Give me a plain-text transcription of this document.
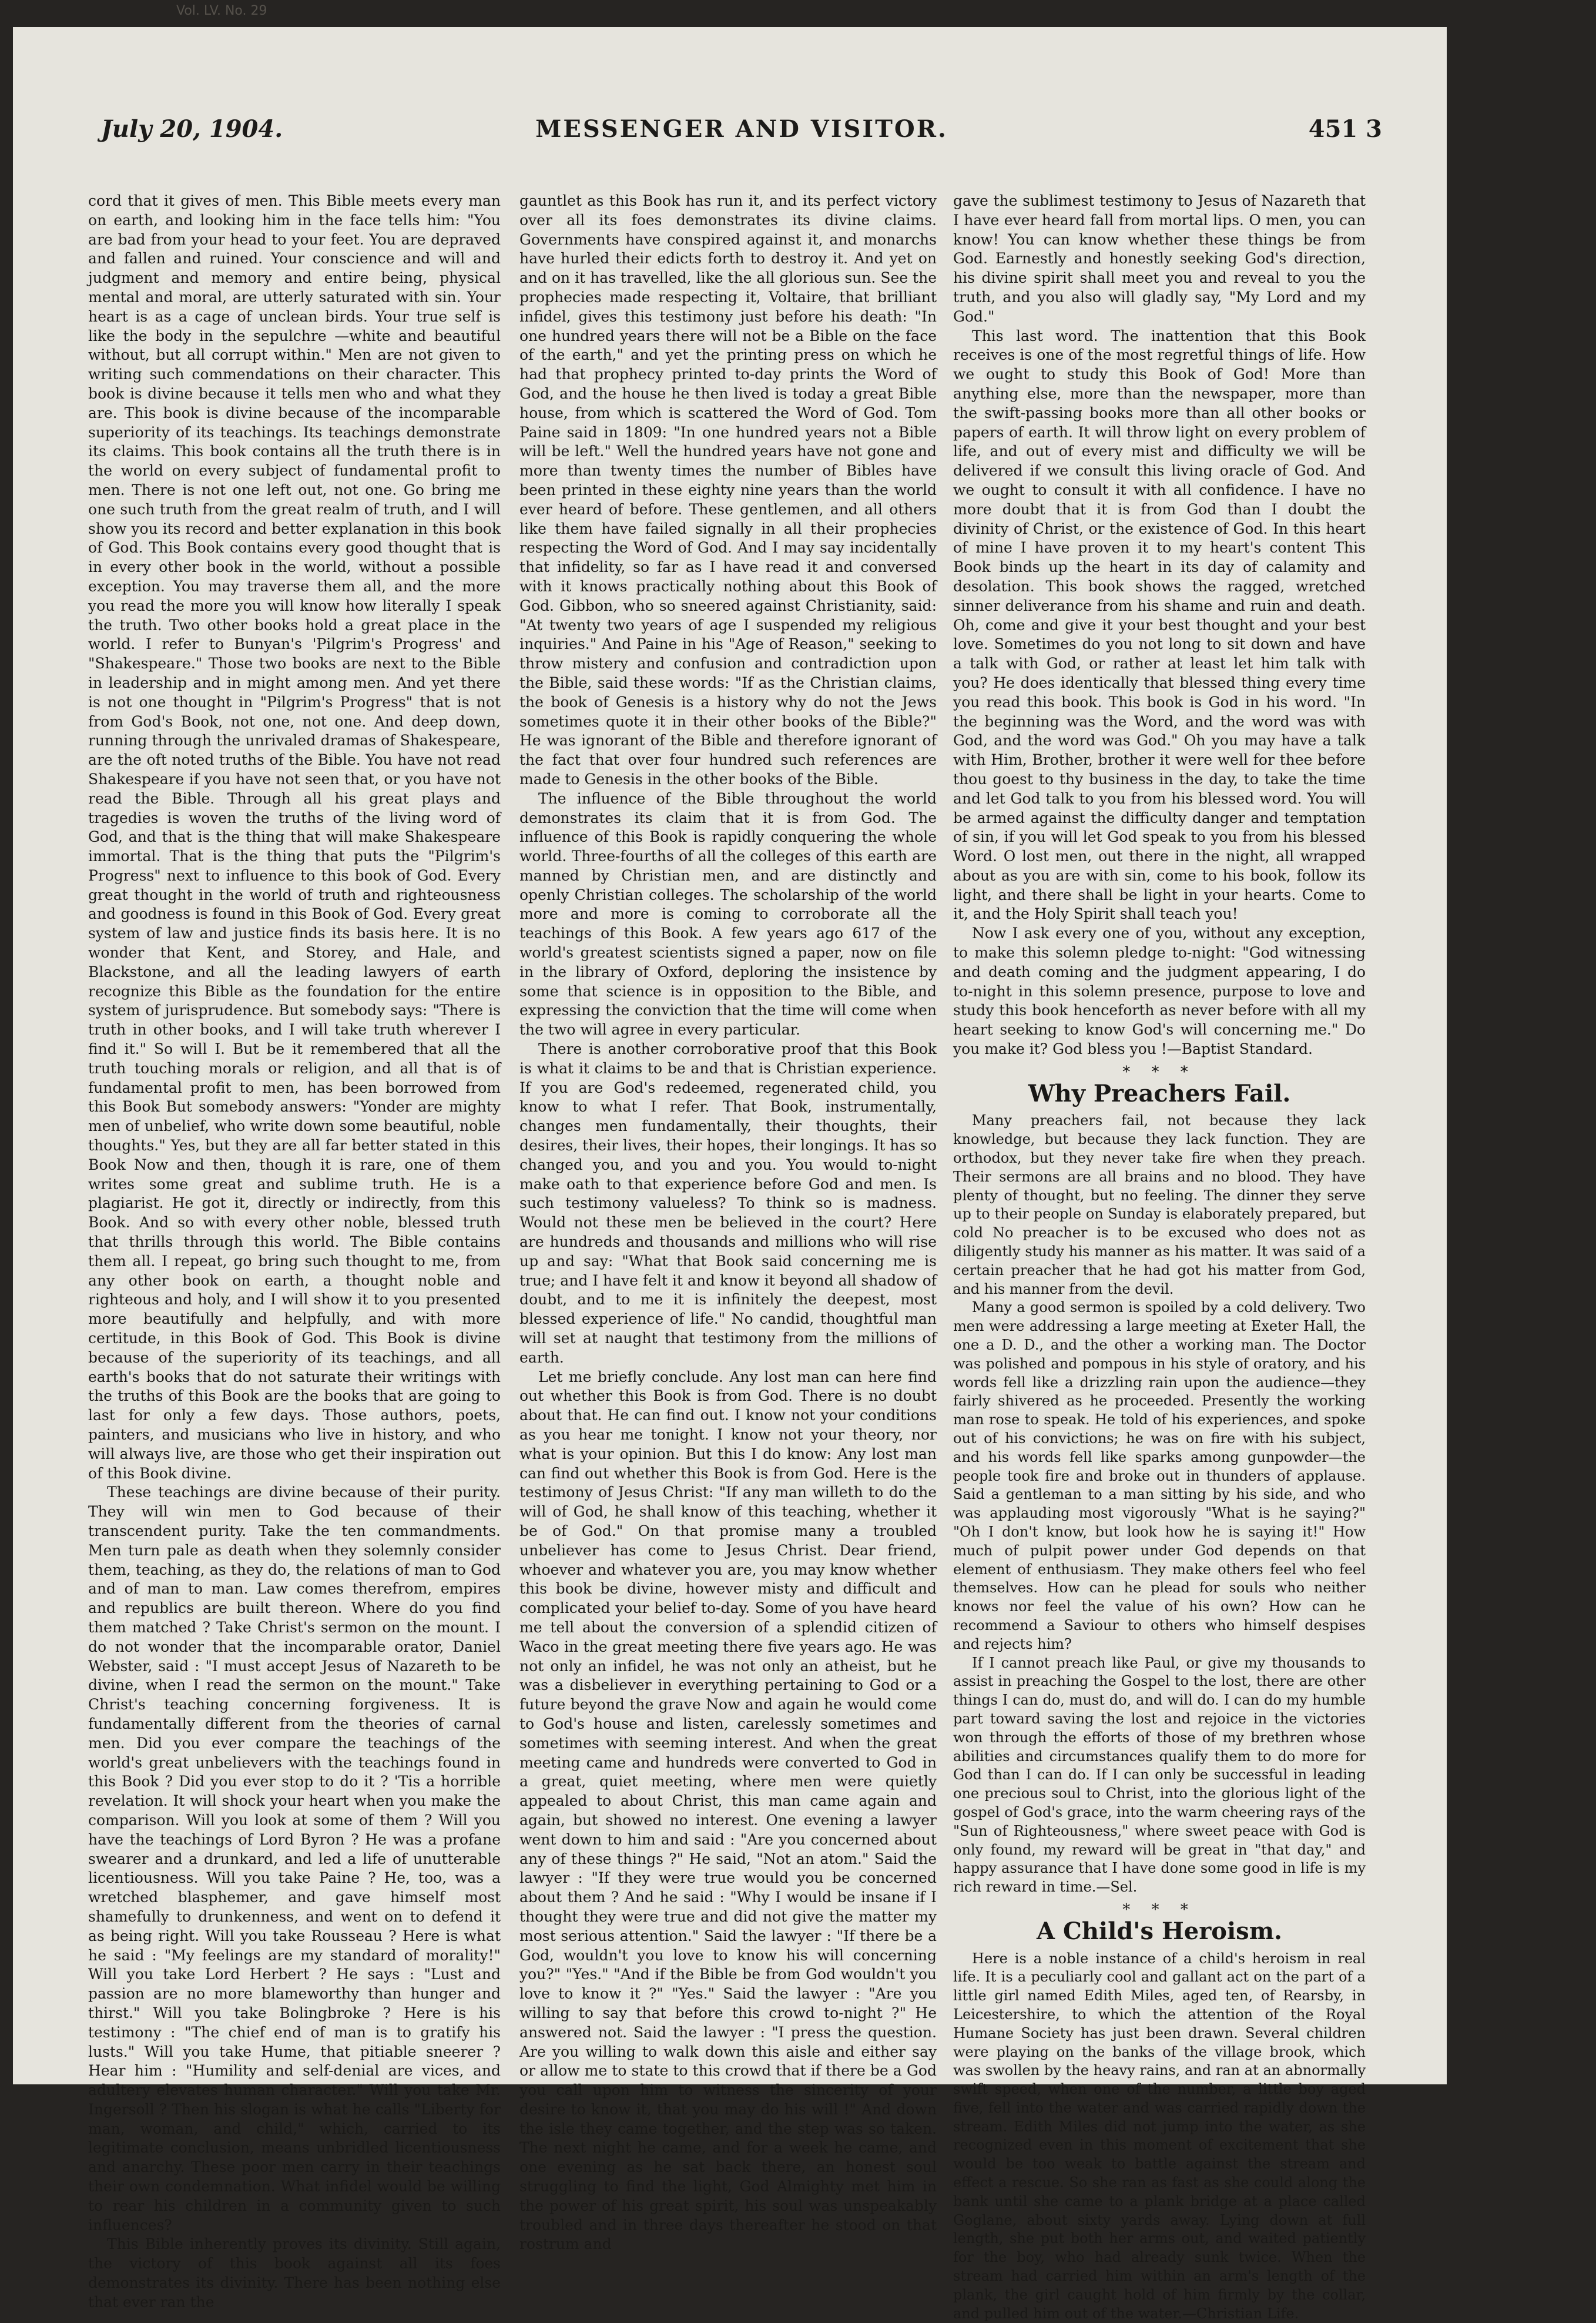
Vol. LV. No. 29
July 20, 1904.	MESSENGER AND VISITOR.	451 3

cord that it gives of men. This Bible meets every man on earth, and looking him in the face tells him: "You are bad from your head to your feet. You are depraved and fallen and ruined. Your conscience and will and judgment and memory and entire being, physical mental and moral, are utterly saturated with sin. Your heart is as a cage of unclean birds. Your true self is like the body in the sepulchre —white and beautiful without, but all corrupt within." Men are not given to writing such commendations on their character. This book is divine because it tells men who and what they are. This book is divine because of the incomparable superiority of its teachings. Its teachings demonstrate its claims. This book contains all the truth there is in the world on every subject of fundamental profit to men. There is not one left out, not one. Go bring me one such truth from the great realm of truth, and I will show you its record and better explanation in this book of God. This Book contains every good thought that is in every other book in the world, without a possible exception. You may traverse them all, and the more you read the more you will know how literally I speak the truth. Two other books hold a great place in the world. I refer to Bunyan's 'Pilgrim's Progress' and "Shakespeare." Those two books are next to the Bible in leadership and in might among men. And yet there is not one thought in "Pilgrim's Progress" that is not from God's Book, not one, not one. And deep down, running through the unrivaled dramas of Shakespeare, are the oft noted truths of the Bible. You have not read Shakespeare if you have not seen that, or you have not read the Bible. Through all his great plays and tragedies is woven the truths of the living word of God, and that is the thing that will make Shakespeare immortal. That is the thing that puts the "Pilgrim's Progress" next to influence to this book of God. Every great thought in the world of truth and righteousness and goodness is found in this Book of God. Every great system of law and justice finds its basis here. It is no wonder that Kent, and Storey, and Hale, and Blackstone, and all the leading lawyers of earth recognize this Bible as the foundation for the entire system of jurisprudence. But somebody says: "There is truth in other books, and I will take truth wherever I find it." So will I. But be it remembered that all the truth touching morals or religion, and all that is of fundamental profit to men, has been borrowed from this Book But somebody answers: "Yonder are mighty men of unbelief, who write down some beautiful, noble thoughts." Yes, but they are all far better stated in this Book Now and then, though it is rare, one of them writes some great and sublime truth. He is a plagiarist. He got it, directly or indirectly, from this Book. And so with every other noble, blessed truth that thrills through this world. The Bible contains them all. I repeat, go bring such thought to me, from any other book on earth, a thought noble and righteous and holy, and I will show it to you presented more beautifully and helpfully, and with more certitude, in this Book of God. This Book is divine because of the superiority of its teachings, and all earth's books that do not saturate their writings with the truths of this Book are the books that are going to last for only a few days. Those authors, poets, painters, and musicians who live in history, and who will always live, are those who get their inspiration out of this Book divine.

These teachings are divine because of their purity. They will win men to God because of their transcendent purity. Take the ten commandments. Men turn pale as death when they solemnly consider them, teaching, as they do, the relations of man to God and of man to man. Law comes therefrom, empires and republics are built thereon. Where do you find them matched ? Take Christ's sermon on the mount. I do not wonder that the incomparable orator, Daniel Webster, said : "I must accept Jesus of Nazareth to be divine, when I read the sermon on the mount." Take Christ's teaching concerning forgiveness. It is fundamentally different from the theories of carnal men. Did you ever compare the teachings of the world's great unbelievers with the teachings found in this Book ? Did you ever stop to do it ? 'Tis a horrible revelation. It will shock your heart when you make the comparison. Will you look at some of them ? Will you have the teachings of Lord Byron ? He was a profane swearer and a drunkard, and led a life of unutterable licentiousness. Will you take Paine ? He, too, was a wretched blasphemer, and gave himself most shamefully to drunkenness, and went on to defend it as being right. Will you take Rousseau ? Here is what he said : "My feelings are my standard of morality!" Will you take Lord Herbert ? He says : "Lust and passion are no more blameworthy than hunger and thirst." Will you take Bolingbroke ? Here is his testimony : "The chief end of man is to gratify his lusts." Will you take Hume, that pitiable sneerer ? Hear him : "Humility and self-denial are vices, and adultery elevates human character." Will you take Mr. Ingersoll ? Then his slogan is what he calls "Liberty for man, woman, and child," which, carried to its legitimate conclusion, means unbridled licentiousness and anarchy. These poor men carry in their teachings their own condemnation. What infidel would be willing to rear his children in a community given to such influences?

This Bible inherently proves its divinity. Still again, the victory of this book against all its foes demonstrates its divinity. There has been nothing else that ever ran the

gauntlet as this Book has run it, and its perfect victory over all its foes demonstrates its divine claims. Governments have conspired against it, and monarchs have hurled their edicts forth to destroy it. And yet on and on it has travelled, like the all glorious sun. See the prophecies made respecting it, Voltaire, that brilliant infidel, gives this testimony just before his death: "In one hundred years there will not be a Bible on the face of the earth," and yet the printing press on which he had that prophecy printed to-day prints the Word of God, and the house he then lived is today a great Bible house, from which is scattered the Word of God. Tom Paine said in 1809: "In one hundred years not a Bible will be left." Well the hundred years have not gone and more than twenty times the number of Bibles have been printed in these eighty nine years than the world ever heard of before. These gentlemen, and all others like them have failed signally in all their prophecies respecting the Word of God. And I may say incidentally that infidelity, so far as I have read it and conversed with it knows practically nothing about this Book of God. Gibbon, who so sneered against Christianity, said: "At twenty two years of age I suspended my religious inquiries." And Paine in his "Age of Reason," seeking to throw mistery and confusion and contradiction upon the Bible, said these words: "If as the Christian claims, the book of Genesis is a history why do not the Jews sometimes quote it in their other books of the Bible?" He was ignorant of the Bible and therefore ignorant of the fact that over four hundred such references are made to Genesis in the other books of the Bible.

The influence of the Bible throughout the world demonstrates its claim that it is from God. The influence of this Book is rapidly conquering the whole world. Three-fourths of all the colleges of this earth are manned by Christian men, and are distinctly and openly Christian colleges. The scholarship of the world more and more is coming to corroborate all the teachings of this Book. A few years ago 617 of the world's greatest scientists signed a paper, now on file in the library of Oxford, deploring the insistence by some that science is in opposition to the Bible, and expressing the conviction that the time will come when the two will agree in every particular.

There is another corroborative proof that this Book is what it claims to be and that is Christian experience. If you are God's redeemed, regenerated child, you know to what I refer. That Book, instrumentally, changes men fundamentally, their thoughts, their desires, their lives, their hopes, their longings. It has so changed you, and you and you. You would to-night make oath to that experience before God and men. Is such testimony valueless? To think so is madness. Would not these men be believed in the court? Here are hundreds and thousands and millions who will rise up and say: "What that Book said concerning me is true; and I have felt it and know it beyond all shadow of doubt, and to me it is infinitely the deepest, most blessed experience of life." No candid, thoughtful man will set at naught that testimony from the millions of earth.

Let me briefly conclude. Any lost man can here find out whether this Book is from God. There is no doubt about that. He can find out. I know not your conditions as you hear me tonight. I know not your theory, nor what is your opinion. But this I do know: Any lost man can find out whether this Book is from God. Here is the testimony of Jesus Christ: "If any man willeth to do the will of God, he shall know of this teaching, whether it be of God." On that promise many a troubled unbeliever has come to Jesus Christ. Dear friend, whoever and whatever you are, you may know whether this book be divine, however misty and difficult and complicated your belief to-day. Some of you have heard me tell about the conversion of a splendid citizen of Waco in the great meeting there five years ago. He was not only an infidel, he was not only an atheist, but he was a disbeliever in everything pertaining to God or a future beyond the grave Now and again he would come to God's house and listen, carelessly sometimes and sometimes with seeming interest. And when the great meeting came and hundreds were converted to God in a great, quiet meeting, where men were quietly appealed to about Christ, this man came again and again, but showed no interest. One evening a lawyer went down to him and said : "Are you concerned about any of these things ?" He said, "Not an atom." Said the lawyer : "If they were true would you be concerned about them ? And he said : "Why I would be insane if I thought they were true and did not give the matter my most serious attention." Said the lawyer : "If there be a God, wouldn't you love to know his will concerning you?" "Yes." "And if the Bible be from God wouldn't you love to know it ?" "Yes." Said the lawyer : "Are you willing to say that before this crowd to-night ?" He answered not. Said the lawyer : "I press the question. Are you willing to walk down this aisle and either say or allow me to state to this crowd that if there be a God you call upon him to witness the sincerity of your desire to know it, that you may do his will !" And down the isle they came together, and the step was so taken. The next night he came, and for a week he came, and one evening as he sat back there, an honest soul struggling to find the light, God Almighty met him in the power of his great spirit, his soul was unspeakably troubled and in three days thereafter he stood on that rostrum and

gave the sublimest testimony to Jesus of Nazareth that I have ever heard fall from mortal lips. O men, you can know! You can know whether these things be from God. Earnestly and honestly seeking God's direction, his divine spirit shall meet you and reveal to you the truth, and you also will gladly say, "My Lord and my God."

This last word. The inattention that this Book receives is one of the most regretful things of life. How we ought to study this Book of God! More than anything else, more than the newspaper, more than the swift-passing books more than all other books or papers of earth. It will throw light on every problem of life, and out of every mist and difficulty we will be delivered if we consult this living oracle of God. And we ought to consult it with all confidence. I have no more doubt that it is from God than I doubt the divinity of Christ, or the existence of God. In this heart of mine I have proven it to my heart's content This Book binds up the heart in its day of calamity and desolation. This book shows the ragged, wretched sinner deliverance from his shame and ruin and death. Oh, come and give it your best thought and your best love. Sometimes do you not long to sit down and have a talk with God, or rather at least let him talk with you? He does identically that blessed thing every time you read this book. This book is God in his word. "In the beginning was the Word, and the word was with God, and the word was God." Oh you may have a talk with Him, Brother, brother it were well for thee before thou goest to thy business in the day, to take the time and let God talk to you from his blessed word. You will be armed against the difficulty danger and temptation of sin, if you will let God speak to you from his blessed Word. O lost men, out there in the night, all wrapped about as you are with sin, come to his book, follow its light, and there shall be light in your hearts. Come to it, and the Holy Spirit shall teach you!

Now I ask every one of you, without any exception, to make this solemn pledge to-night: "God witnessing and death coming and the judgment appearing, I do to-night in this solemn presence, purpose to love and study this book henceforth as never before with all my heart seeking to know God's will concerning me." Do you make it? God bless you !—Baptist Standard.

* * *
Why Preachers Fail.

Many preachers fail, not because they lack knowledge, but because they lack function. They are orthodox, but they never take fire when they preach. Their sermons are all brains and no blood. They have plenty of thought, but no feeling. The dinner they serve up to their people on Sunday is elaborately prepared, but cold No preacher is to be excused who does not as diligently study his manner as his matter. It was said of a certain preacher that he had got his matter from God, and his manner from the devil.

Many a good sermon is spoiled by a cold delivery. Two men were addressing a large meeting at Exeter Hall, the one a D. D., and the other a working man. The Doctor was polished and pompous in his style of oratory, and his words fell like a drizzling rain upon the audience—they fairly shivered as he proceeded. Presently the working man rose to speak. He told of his experiences, and spoke out of his convictions; he was on fire with his subject, and his words fell like sparks among gunpowder—the people took fire and broke out in thunders of applause. Said a gentleman to a man sitting by his side, and who was applauding most vigorously "What is he saying?" "Oh I don't know, but look how he is saying it!" How much of pulpit power under God depends on that element of enthusiasm. They make others feel who feel themselves. How can he plead for souls who neither knows nor feel the value of his own? How can he recommend a Saviour to others who himself despises and rejects him?

If I cannot preach like Paul, or give my thousands to assist in preaching the Gospel to the lost, there are other things I can do, must do, and will do. I can do my humble part toward saving the lost and rejoice in the victories won through the efforts of those of my brethren whose abilities and circumstances qualify them to do more for God than I can do. If I can only be successful in leading one precious soul to Christ, into the glorious light of the gospel of God's grace, into the warm cheering rays of the "Sun of Righteousness," where sweet peace with God is only found, my reward will be great in "that day," and happy assurance that I have done some good in life is my rich reward in time.—Sel.

* * *
A Child's Heroism.

Here is a noble instance of a child's heroism in real life. It is a peculiarly cool and gallant act on the part of a little girl named Edith Miles, aged ten, of Rearsby, in Leicestershire, to which the attention of the Royal Humane Society has just been drawn. Several children were playing on the banks of the village brook, which was swollen by the heavy rains, and ran at an abnormally swift speed, when one of the number, a little boy aged five, fell into the water and was carried rapidly down the stream. Edith Miles did not jump into the water, as she recognized even in this moment of excitement that she would be too weak to battle against the stream and effect a rescue. So she ran as fast as she could along the bank until she came to a plank bridge at a place called Goglane, about sixty yards away. Lying down at full length, she put both her arms out, and waited patiently for the boy, who had already sunk twice. When the stream had carried him within an arm's length of the plank, the girl caught hold of him firmly by the collar, and pulled him out of the water.—Christian Life.
